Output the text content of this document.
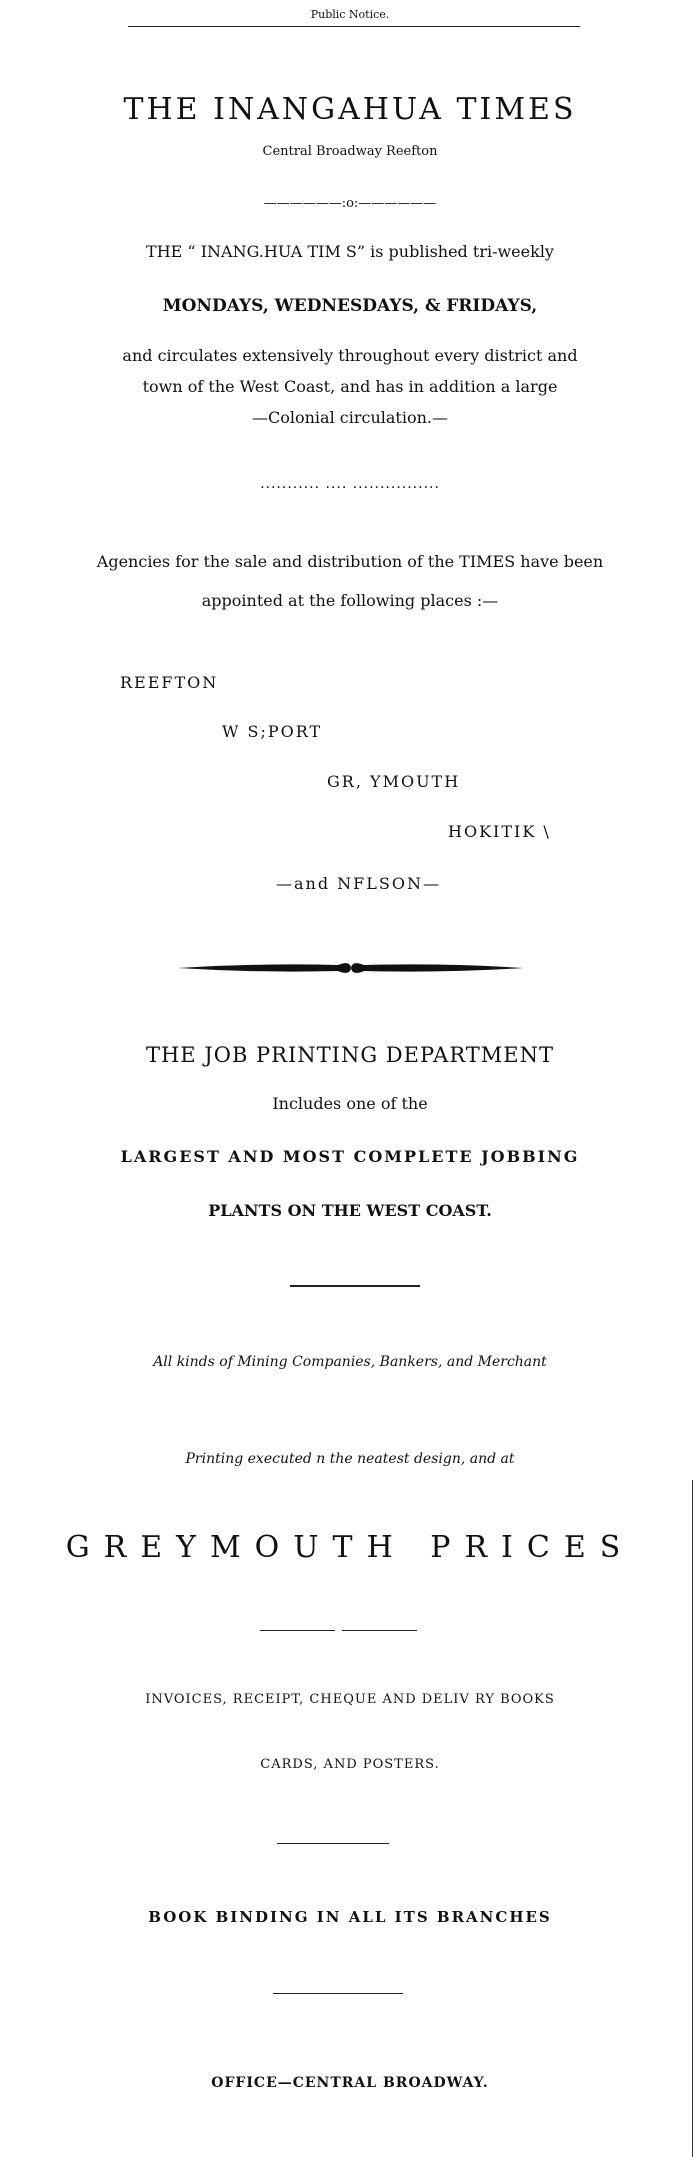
Public Notice.
THE INANGAHUA TIMES
Central Broadway Reefton
——————:o:——————
THE “ INANG.HUA TIM S” is published tri-weekly
MONDAYS, WEDNESDAYS, & FRIDAYS,
and circulates extensively throughout every district and
town of the West Coast, and has in addition a large
—Colonial circulation.—
........... .... ................
Agencies for the sale and distribution of the TIMES have been
appointed at the following places :—
REEFTON
W S;PORT
GR, YMOUTH
HOKITIK \
—and NFLSON—
THE JOB PRINTING DEPARTMENT
Includes one of the
LARGEST AND MOST COMPLETE JOBBING
PLANTS ON THE WEST COAST.
All kinds of Mining Companies, Bankers, and Merchant
Printing executed n the neatest design, and at
GREYMOUTH PRICES
INVOICES, RECEIPT, CHEQUE AND DELIV RY BOOKS
CARDS, AND POSTERS.
BOOK BINDING IN ALL ITS BRANCHES
OFFICE—CENTRAL BROADWAY.
